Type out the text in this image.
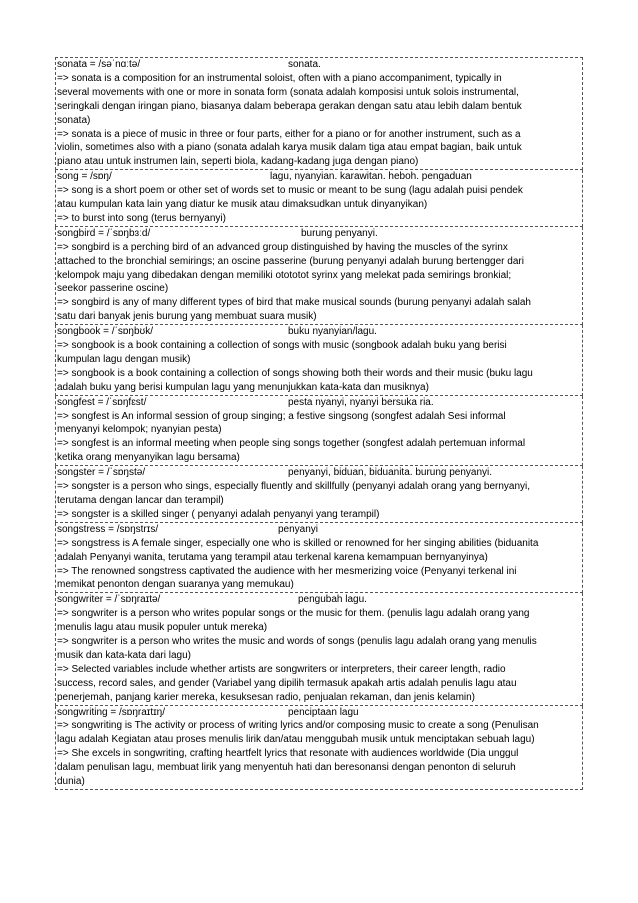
sonata = /səˈnɑːtə/	sonata.
=> sonata is a composition for an instrumental soloist, often with a piano accompaniment, typically in
several movements with one or more in sonata form (sonata adalah komposisi untuk solois instrumental,
seringkali dengan iringan piano, biasanya dalam beberapa gerakan dengan satu atau lebih dalam bentuk
sonata)
=> sonata is a piece of music in three or four parts, either for a piano or for another instrument, such as a
violin, sometimes also with a piano (sonata adalah karya musik dalam tiga atau empat bagian, baik untuk
piano atau untuk instrumen lain, seperti biola, kadang-kadang juga dengan piano)
song = /sɒŋ/	lagu, nyanyian. karawitan. heboh. pengaduan
=> song is a short poem or other set of words set to music or meant to be sung (lagu adalah puisi pendek
atau kumpulan kata lain yang diatur ke musik atau dimaksudkan untuk dinyanyikan)
=> to burst into song (terus bernyanyi)
songbird = /ˈsɒŋbɜːd/	burung penyanyi.
=> songbird is a perching bird of an advanced group distinguished by having the muscles of the syrinx
attached to the bronchial semirings; an oscine passerine (burung penyanyi adalah burung bertengger dari
kelompok maju yang dibedakan dengan memiliki otototot syrinx yang melekat pada semirings bronkial;
seekor passerine oscine)
=> songbird is any of many different types of bird that make musical sounds (burung penyanyi adalah salah
satu dari banyak jenis burung yang membuat suara musik)
songbook = /ˈsɒŋbʊk/	buku nyanyian/lagu.
=> songbook is a book containing a collection of songs with music (songbook adalah buku yang berisi
kumpulan lagu dengan musik)
=> songbook is a book containing a collection of songs showing both their words and their music (buku lagu
adalah buku yang berisi kumpulan lagu yang menunjukkan kata-kata dan musiknya)
songfest = /ˈsɒŋfɛst/	pesta nyanyi, nyanyi bersuka ria.
=> songfest is An informal session of group singing; a festive singsong (songfest adalah Sesi informal
menyanyi kelompok; nyanyian pesta)
=> songfest is an informal meeting when people sing songs together (songfest adalah pertemuan informal
ketika orang menyanyikan lagu bersama)
songster = /ˈsɒŋstə/	penyanyi, biduan, biduanita. burung penyanyi.
=> songster is a person who sings, especially fluently and skillfully (penyanyi adalah orang yang bernyanyi,
terutama dengan lancar dan terampil)
=> songster is a skilled singer ( penyanyi adalah penyanyi yang terampil)
songstress = /sɒŋstrɪs/	penyanyi
=> songstress is A female singer, especially one who is skilled or renowned for her singing abilities (biduanita
adalah Penyanyi wanita, terutama yang terampil atau terkenal karena kemampuan bernyanyinya)
=> The renowned songstress captivated the audience with her mesmerizing voice (Penyanyi terkenal ini
memikat penonton dengan suaranya yang memukau)
songwriter = /ˈsɒŋraɪtə/	pengubah lagu.
=> songwriter is a person who writes popular songs or the music for them. (penulis lagu adalah orang yang
menulis lagu atau musik populer untuk mereka)
=> songwriter is a person who writes the music and words of songs (penulis lagu adalah orang yang menulis
musik dan kata-kata dari lagu)
=> Selected variables include whether artists are songwriters or interpreters, their career length, radio
success, record sales, and gender (Variabel yang dipilih termasuk apakah artis adalah penulis lagu atau
penerjemah, panjang karier mereka, kesuksesan radio, penjualan rekaman, dan jenis kelamin)
songwriting = /sɒŋraɪtɪŋ/	penciptaan lagu
=> songwriting is The activity or process of writing lyrics and/or composing music to create a song (Penulisan
lagu adalah Kegiatan atau proses menulis lirik dan/atau menggubah musik untuk menciptakan sebuah lagu)
=> She excels in songwriting, crafting heartfelt lyrics that resonate with audiences worldwide (Dia unggul
dalam penulisan lagu, membuat lirik yang menyentuh hati dan beresonansi dengan penonton di seluruh
dunia)
